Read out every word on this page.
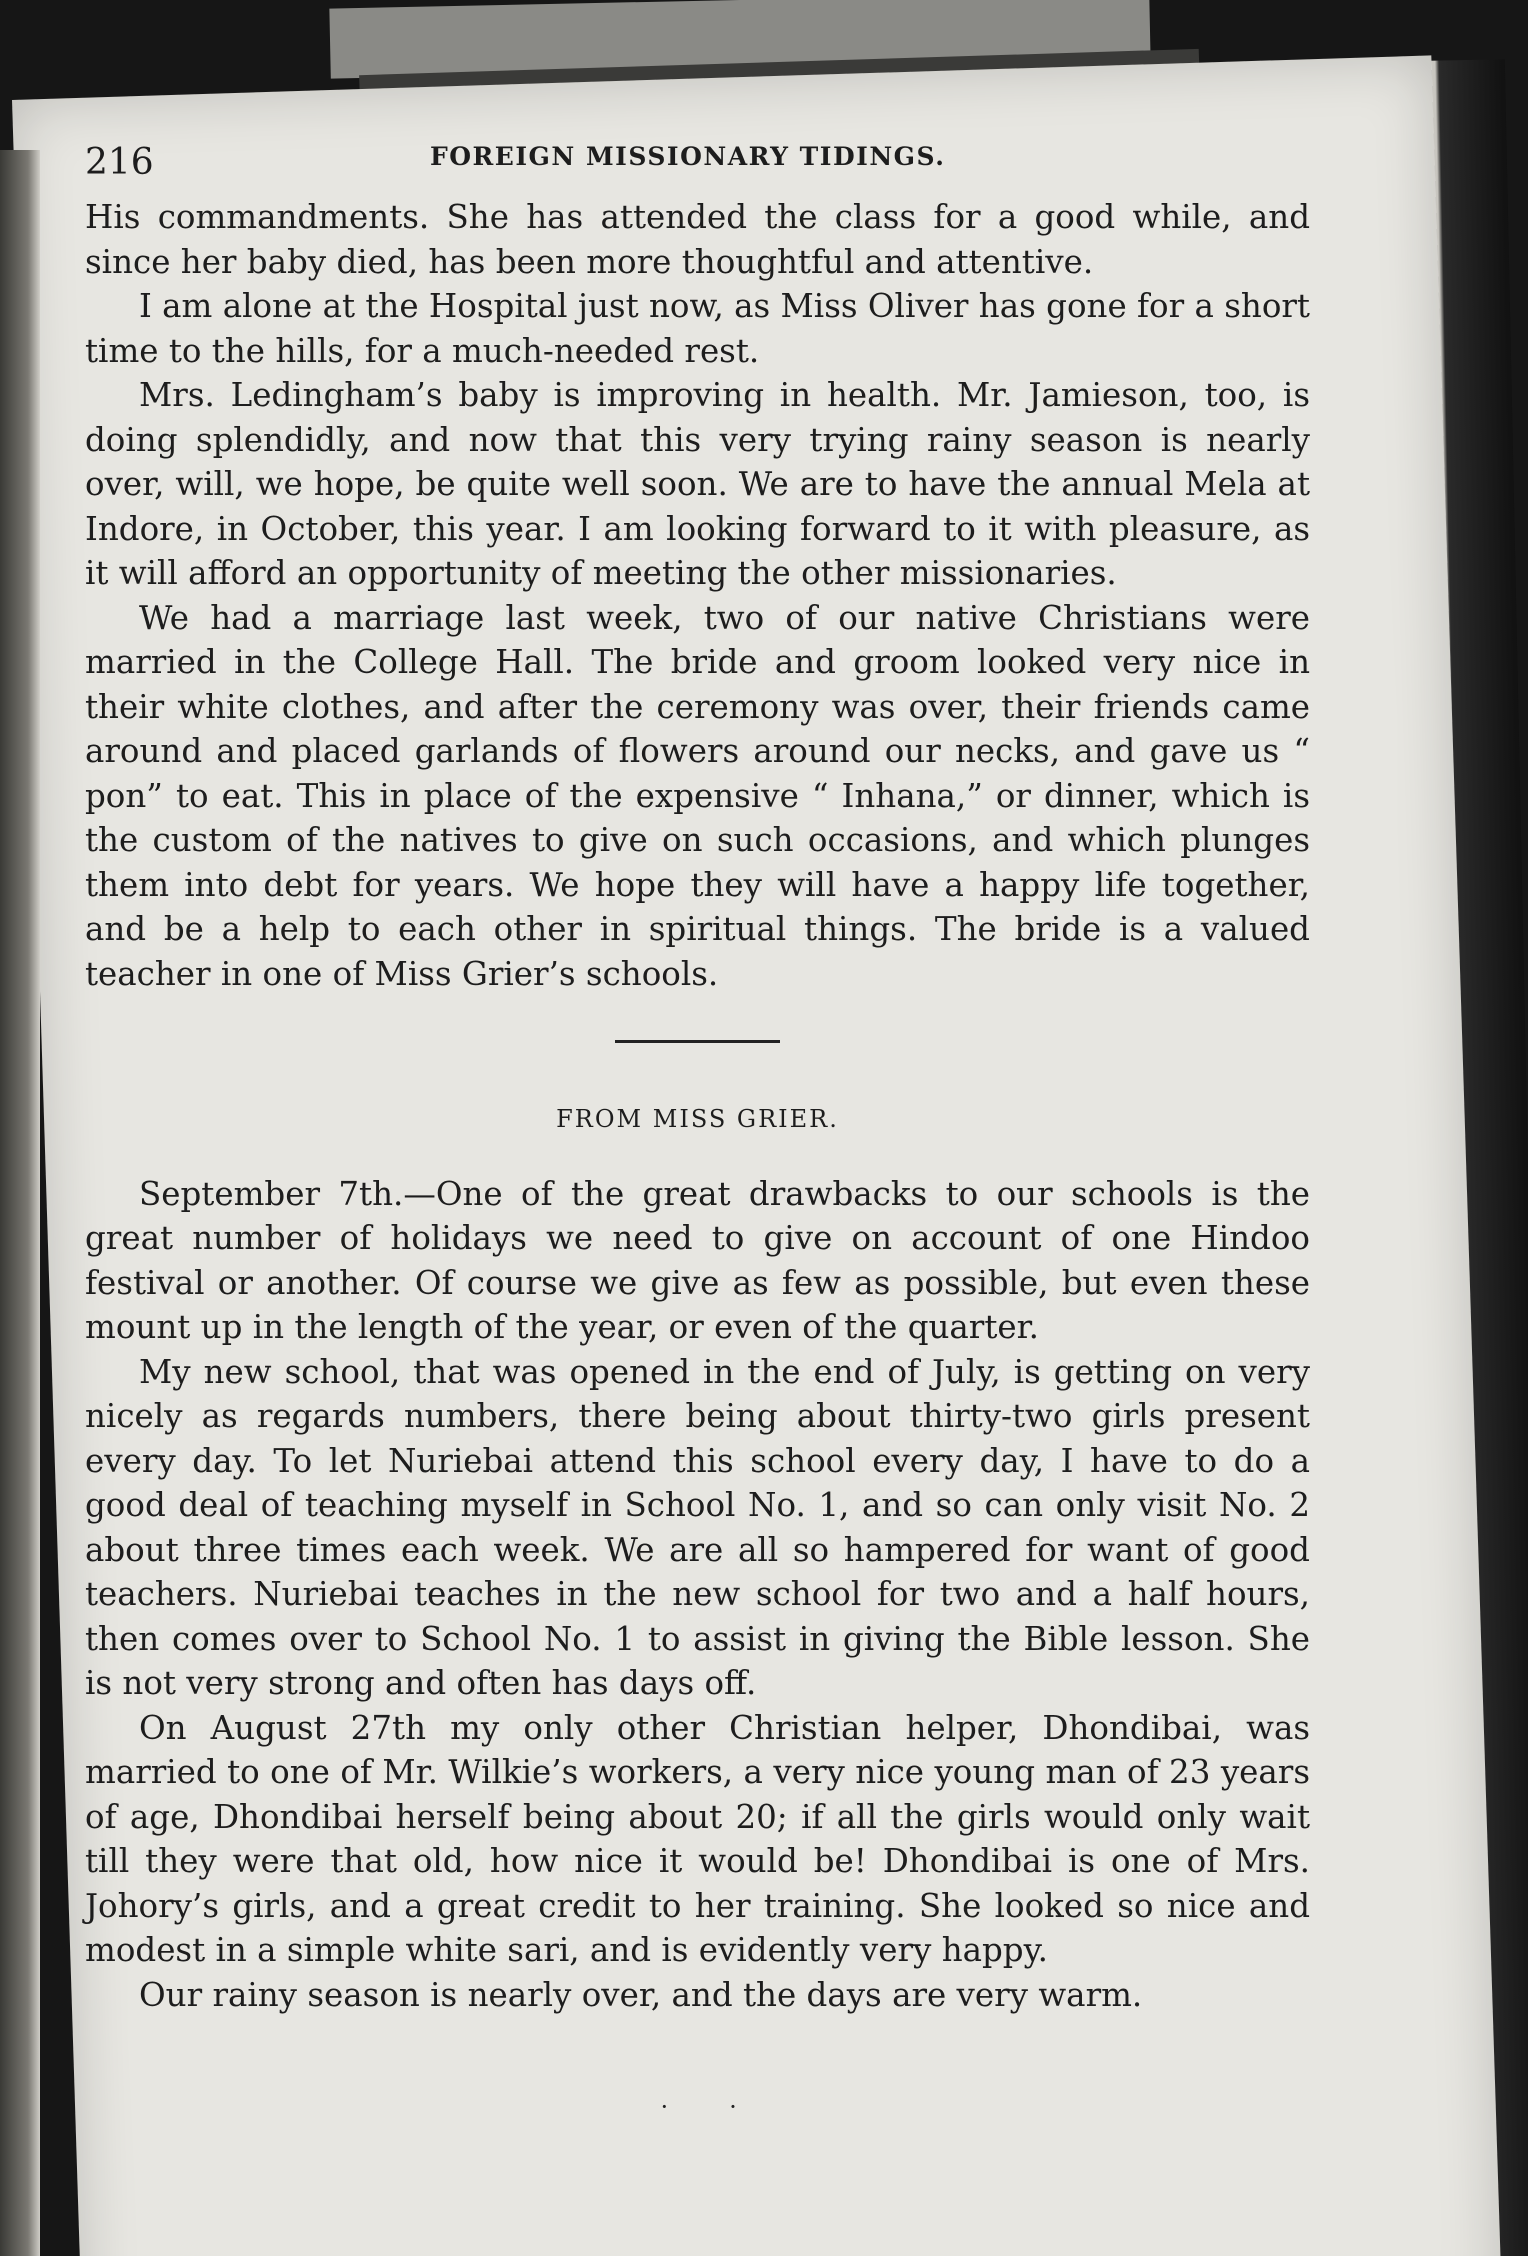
216	FOREIGN MISSIONARY TIDINGS.

His commandments. She has attended the class for a good while, and since her baby died, has been more thoughtful and attentive.

I am alone at the Hospital just now, as Miss Oliver has gone for a short time to the hills, for a much-needed rest.

Mrs. Ledingham’s baby is improving in health. Mr. Jamieson, too, is doing splendidly, and now that this very trying rainy season is nearly over, will, we hope, be quite well soon. We are to have the annual Mela at Indore, in October, this year. I am looking forward to it with pleasure, as it will afford an opportunity of meeting the other missionaries.

We had a marriage last week, two of our native Christians were married in the College Hall. The bride and groom looked very nice in their white clothes, and after the ceremony was over, their friends came around and placed garlands of flowers around our necks, and gave us “ pon” to eat. This in place of the expensive “ Inhana,” or dinner, which is the custom of the natives to give on such occasions, and which plunges them into debt for years. We hope they will have a happy life together, and be a help to each other in spiritual things. The bride is a valued teacher in one of Miss Grier’s schools.

FROM MISS GRIER.

September 7th.—One of the great drawbacks to our schools is the great number of holidays we need to give on account of one Hindoo festival or another. Of course we give as few as possible, but even these mount up in the length of the year, or even of the quarter.

My new school, that was opened in the end of July, is getting on very nicely as regards numbers, there being about thirty-two girls present every day. To let Nuriebai attend this school every day, I have to do a good deal of teaching myself in School No. 1, and so can only visit No. 2 about three times each week. We are all so hampered for want of good teachers. Nuriebai teaches in the new school for two and a half hours, then comes over to School No. 1 to assist in giving the Bible lesson. She is not very strong and often has days off.

On August 27th my only other Christian helper, Dhondibai, was married to one of Mr. Wilkie’s workers, a very nice young man of 23 years of age, Dhondibai herself being about 20; if all the girls would only wait till they were that old, how nice it would be! Dhondibai is one of Mrs. Johory’s girls, and a great credit to her training. She looked so nice and modest in a simple white sari, and is evidently very happy.

Our rainy season is nearly over, and the days are very warm.

··
